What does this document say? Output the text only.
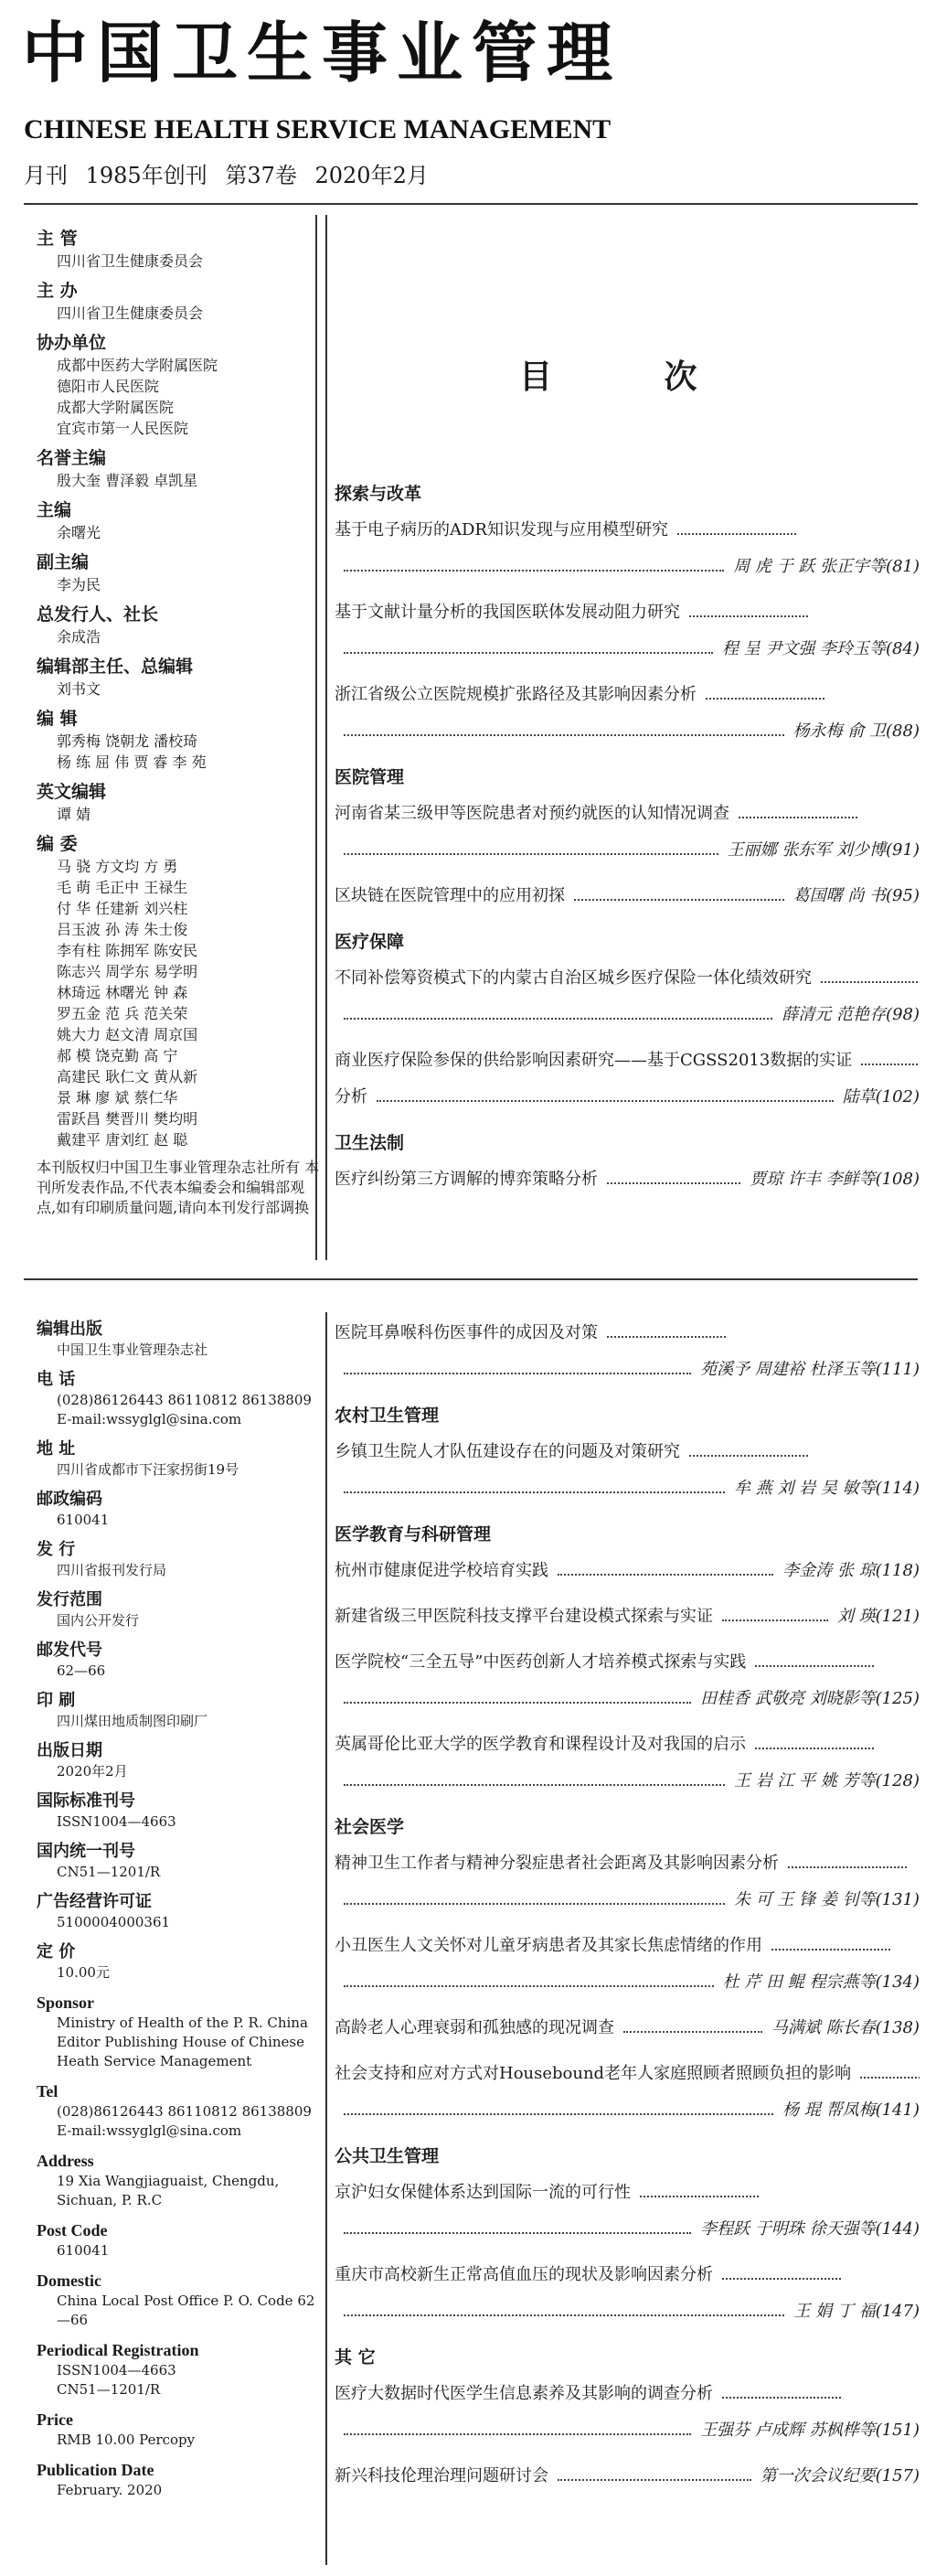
中国卫生事业管理
CHINESE HEALTH SERVICE MANAGEMENT
月刊 1985年创刊 第37卷 2020年2月
主 管
四川省卫生健康委员会
主 办
四川省卫生健康委员会
协办单位
成都中医药大学附属医院
德阳市人民医院
成都大学附属医院
宜宾市第一人民医院
名誉主编
殷大奎 曹泽毅 卓凯星
主编
余曙光
副主编
李为民
总发行人、社长
余成浩
编辑部主任、总编辑
刘书文
编 辑
郭秀梅 饶朝龙 潘校琦
杨 练 屈 伟 贾 睿 李 苑
英文编辑
谭 婧
编 委
马 骁 方文均 方 勇
毛 萌 毛正中 王禄生
付 华 任建新 刘兴柱
吕玉波 孙 涛 朱士俊
李有柱 陈拥军 陈安民
陈志兴 周学东 易学明
林琦远 林曙光 钟 森
罗五金 范 兵 范关荣
姚大力 赵文清 周京国
郝 模 饶克勤 高 宁
高建民 耿仁文 黄从新
景 琳 廖 斌 蔡仁华
雷跃昌 樊晋川 樊均明
戴建平 唐刘红 赵 聪
本刊版权归中国卫生事业管理杂志社所有 本刊所发表作品,不代表本编委会和编辑部观点,如有印刷质量问题,请向本刊发行部调换
目 次
探索与改革
基于电子病历的ADR知识发现与应用模型研究
周 虎 于 跃 张正宇等(81)
基于文献计量分析的我国医联体发展动阻力研究
程 呈 尹文强 李玲玉等(84)
浙江省级公立医院规模扩张路径及其影响因素分析
杨永梅 俞 卫(88)
医院管理
河南省某三级甲等医院患者对预约就医的认知情况调查
王丽娜 张东军 刘少博(91)
区块链在医院管理中的应用初探	葛国曙 尚 书(95)
医疗保障
不同补偿筹资模式下的内蒙古自治区城乡医疗保险一体化绩效研究
薛清元 范艳存(98)
商业医疗保险参保的供给影响因素研究——基于CGSS2013数据的实证
分析	陆草(102)
卫生法制
医疗纠纷第三方调解的博弈策略分析	贾琼 许丰 李鲜等(108)
编辑出版
中国卫生事业管理杂志社
电 话
(028)86126443 86110812 86138809
E-mail:wssyglgl@sina.com
地 址
四川省成都市下汪家拐街19号
邮政编码
610041
发 行
四川省报刊发行局
发行范围
国内公开发行
邮发代号
62—66
印 刷
四川煤田地质制图印刷厂
出版日期
2020年2月
国际标准刊号
ISSN1004—4663
国内统一刊号
CN51—1201/R
广告经营许可证
5100004000361
定 价
10.00元
Sponsor
Ministry of Health of the P. R. China
Editor Publishing House of Chinese Heath Service Management
Tel
(028)86126443 86110812 86138809
E-mail:wssyglgl@sina.com
Address
19 Xia Wangjiaguaist, Chengdu, Sichuan, P. R.C
Post Code
610041
Domestic
China Local Post Office P. O. Code 62—66
Periodical Registration
ISSN1004—4663
CN51—1201/R
Price
RMB 10.00 Percopy
Publication Date
February. 2020
医院耳鼻喉科伤医事件的成因及对策
苑溪予 周建裕 杜泽玉等(111)
农村卫生管理
乡镇卫生院人才队伍建设存在的问题及对策研究
牟 燕 刘 岩 吴 敏等(114)
医学教育与科研管理
杭州市健康促进学校培育实践	李金涛 张 琼(118)
新建省级三甲医院科技支撑平台建设模式探索与实证	刘 瑛(121)
医学院校“三全五导”中医药创新人才培养模式探索与实践
田桂香 武敬亮 刘晓影等(125)
英属哥伦比亚大学的医学教育和课程设计及对我国的启示
王 岩 江 平 姚 芳等(128)
社会医学
精神卫生工作者与精神分裂症患者社会距离及其影响因素分析
朱 可 王 锋 姜 钊等(131)
小丑医生人文关怀对儿童牙病患者及其家长焦虑情绪的作用
杜 芹 田 鲲 程宗燕等(134)
高龄老人心理衰弱和孤独感的现况调查	马满斌 陈长春(138)
社会支持和应对方式对Housebound老年人家庭照顾者照顾负担的影响
杨 琨 帮凤梅(141)
公共卫生管理
京沪妇女保健体系达到国际一流的可行性
李程跃 于明珠 徐天强等(144)
重庆市高校新生正常高值血压的现状及影响因素分析
王 娟 丁 福(147)
其 它
医疗大数据时代医学生信息素养及其影响的调查分析
王强芬 卢成辉 苏枫桦等(151)
新兴科技伦理治理问题研讨会	第一次会议纪要(157)
